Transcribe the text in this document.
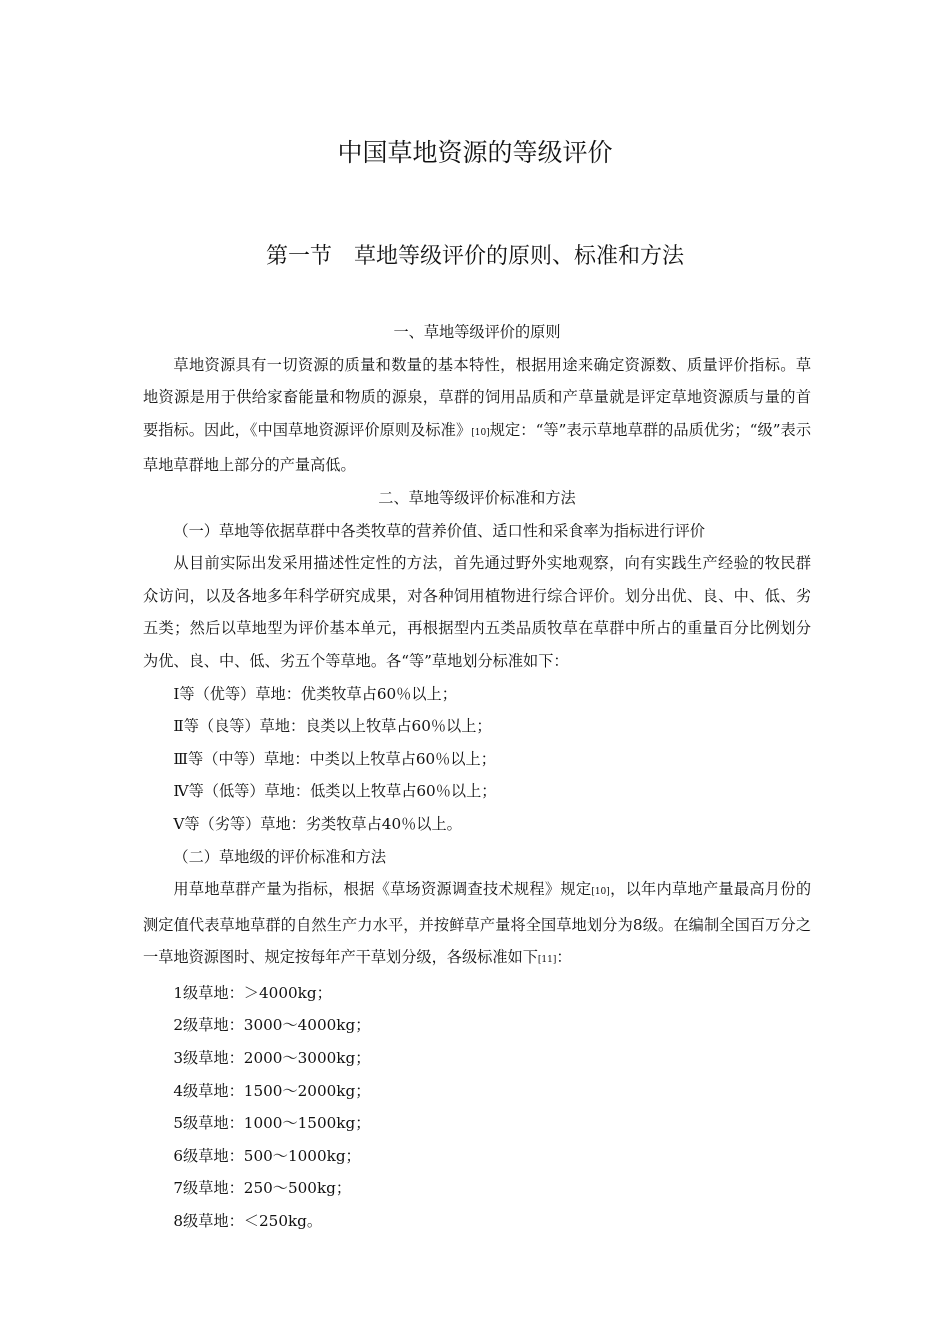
中国草地资源的等级评价
第一节 草地等级评价的原则、标准和方法

一、草地等级评价的原则

草地资源具有一切资源的质量和数量的基本特性，根据用途来确定资源数、质量评价指标。草地资源是用于供给家畜能量和物质的源泉，草群的饲用品质和产草量就是评定草地资源质与量的首要指标。因此，《中国草地资源评价原则及标准》[10]规定：“等”表示草地草群的品质优劣；“级”表示草地草群地上部分的产量高低。

二、草地等级评价标准和方法

（一）草地等依据草群中各类牧草的营养价值、适口性和采食率为指标进行评价

从目前实际出发采用描述性定性的方法，首先通过野外实地观察，向有实践生产经验的牧民群众访问，以及各地多年科学研究成果，对各种饲用植物进行综合评价。划分出优、良、中、低、劣五类；然后以草地型为评价基本单元，再根据型内五类品质牧草在草群中所占的重量百分比例划分为优、良、中、低、劣五个等草地。各“等”草地划分标准如下：

Ⅰ等（优等）草地：优类牧草占60％以上；

Ⅱ等（良等）草地：良类以上牧草占60％以上；

Ⅲ等（中等）草地：中类以上牧草占60％以上；

Ⅳ等（低等）草地：低类以上牧草占60％以上；

Ⅴ等（劣等）草地：劣类牧草占40％以上。

（二）草地级的评价标准和方法

用草地草群产量为指标，根据《草场资源调查技术规程》规定[10]，以年内草地产量最高月份的测定值代表草地草群的自然生产力水平，并按鲜草产量将全国草地划分为8级。在编制全国百万分之一草地资源图时、规定按每年产干草划分级，各级标准如下[11]：

1级草地：＞4000kg；

2级草地：3000～4000kg；

3级草地：2000～3000kg；

4级草地：1500～2000kg；

5级草地：1000～1500kg；

6级草地：500～1000kg；

7级草地：250～500kg；

8级草地：＜250kg。
